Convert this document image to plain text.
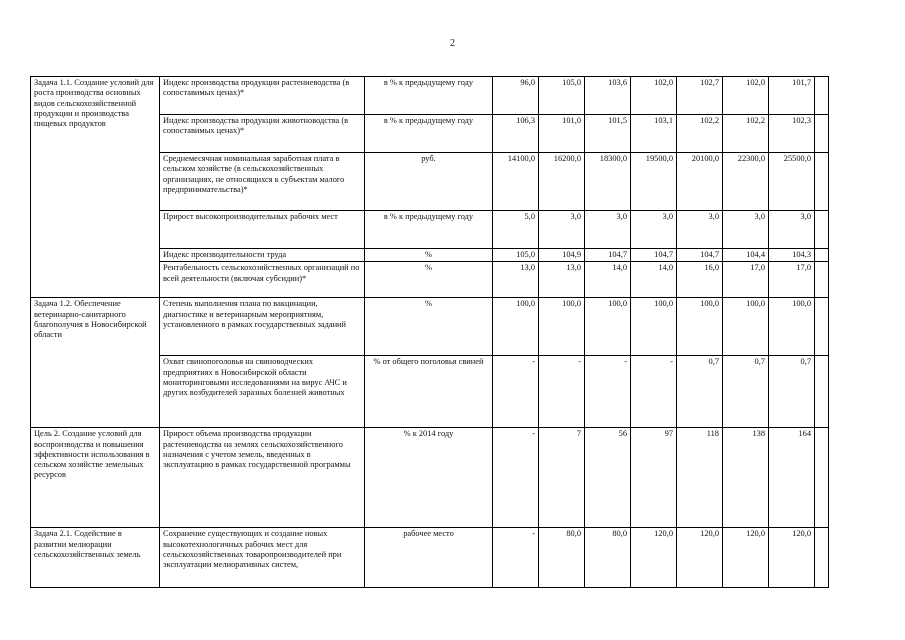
2
Задача 1.1. Создание условий для роста производства основных видов сельскохозяйственной продукции и производства пищевых продуктов	Индекс производства продукции растениеводства (в сопоставимых ценах)*	в % к предыдущему году	96,0	105,0	103,6	102,0	102,7	102,0	101,7	
	Индекс производства продукции животноводства (в сопоставимых ценах)*	в % к предыдущему году	106,3	101,0	101,5	103,1	102,2	102,2	102,3	
	Среднемесячная номинальная заработная плата в сельском хозяйстве (в сельскохозяйственных организациях, не относящихся к субъектам малого предпринимательства)*	руб.	14100,0	16200,0	18300,0	19500,0	20100,0	22300,0	25500,0	
	Прирост высокопроизводительных рабочих мест	в % к предыдущему году	5,0	3,0	3,0	3,0	3,0	3,0	3,0	
	Индекс производительности труда	%	105,0	104,9	104,7	104,7	104,7	104,4	104,3	
	Рентабельность сельскохозяйственных организаций по всей деятельности (включая субсидии)*	%	13,0	13,0	14,0	14,0	16,0	17,0	17,0	
Задача 1.2. Обеспечение ветеринарно-санитарного благополучия в Новосибирской области	Степень выполнения плана по вакцинации, диагностике и ветеринарным мероприятиям, установленного в рамках государственных заданий	%	100,0	100,0	100,0	100,0	100,0	100,0	100,0	
	Охват свинопоголовья на свиноводческих предприятиях в Новосибирской области мониторинговыми исследованиями на вирус АЧС и других возбудителей заразных болезней животных	% от общего поголовья свиней	-	-	-	-	0,7	0,7	0,7	
Цель 2. Создание условий для воспроизводства и повышения эффективности использования в сельском хозяйстве земельных ресурсов	Прирост объема производства продукции растениеводства на землях сельскохозяйственного назначения с учетом земель, введенных в эксплуатацию в рамках государственной программы	% к 2014 году	-	7	56	97	118	138	164	
Задача 2.1. Содействие в развитии мелиорации сельскохозяйственных земель	Сохранение существующих и создание новых высокотехнологичных рабочих мест для сельскохозяйственных товаропроизводителей при эксплуатации мелиоративных систем,	рабочее место	-	80,0	80,0	120,0	120,0	120,0	120,0	
